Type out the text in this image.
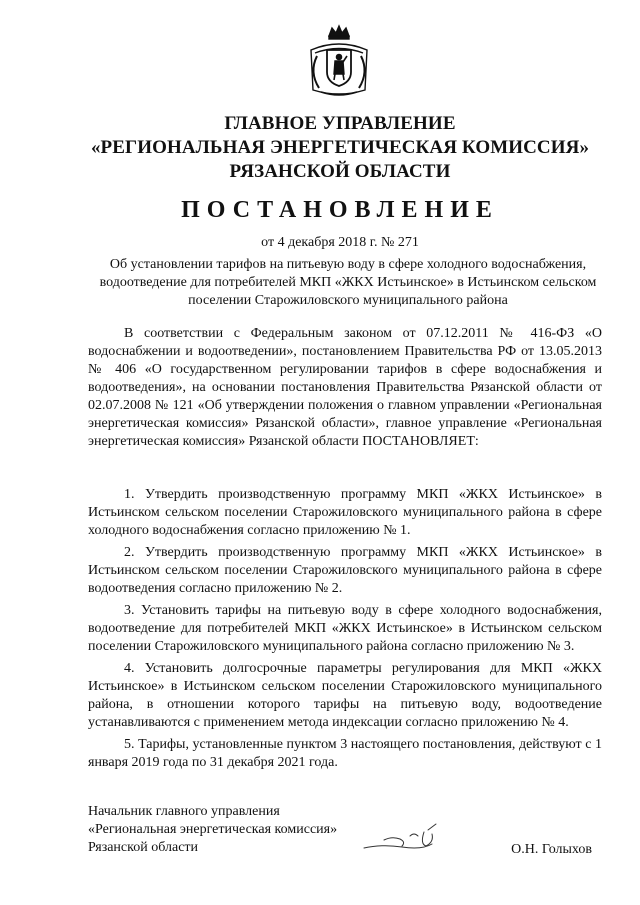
ГЛАВНОЕ УПРАВЛЕНИЕ
«РЕГИОНАЛЬНАЯ ЭНЕРГЕТИЧЕСКАЯ КОМИССИЯ»
РЯЗАНСКОЙ ОБЛАСТИ
ПОСТАНОВЛЕНИЕ
от 4 декабря 2018 г. № 271
Об установлении тарифов на питьевую воду в сфере холодного водоснабжения, водоотведение для потребителей МКП «ЖКХ Истьинское» в Истьинском сельском поселении Старожиловского муниципального района

В соответствии с Федеральным законом от 07.12.2011 № 416-ФЗ «О водоснабжении и водоотведении», постановлением Правительства РФ от 13.05.2013 № 406 «О государственном регулировании тарифов в сфере водоснабжения и водоотведения», на основании постановления Правительства Рязанской области от 02.07.2008 № 121 «Об утверждении положения о главном управлении «Региональная энергетическая комиссия» Рязанской области», главное управление «Региональная энергетическая комиссия» Рязанской области ПОСТАНОВЛЯЕТ:

1. Утвердить производственную программу МКП «ЖКХ Истьинское» в Истьинском сельском поселении Старожиловского муниципального района в сфере холодного водоснабжения согласно приложению № 1.

2. Утвердить производственную программу МКП «ЖКХ Истьинское» в Истьинском сельском поселении Старожиловского муниципального района в сфере водоотведения согласно приложению № 2.

3. Установить тарифы на питьевую воду в сфере холодного водоснабжения, водоотведение для потребителей МКП «ЖКХ Истьинское» в Истьинском сельском поселении Старожиловского муниципального района согласно приложению № 3.

4. Установить долгосрочные параметры регулирования для МКП «ЖКХ Истьинское» в Истьинском сельском поселении Старожиловского муниципального района, в отношении которого тарифы на питьевую воду, водоотведение устанавливаются с применением метода индексации согласно приложению № 4.

5. Тарифы, установленные пунктом 3 настоящего постановления, действуют с 1 января 2019 года по 31 декабря 2021 года.

Начальник главного управления
«Региональная энергетическая комиссия»
Рязанской области	О.Н. Голыхов
